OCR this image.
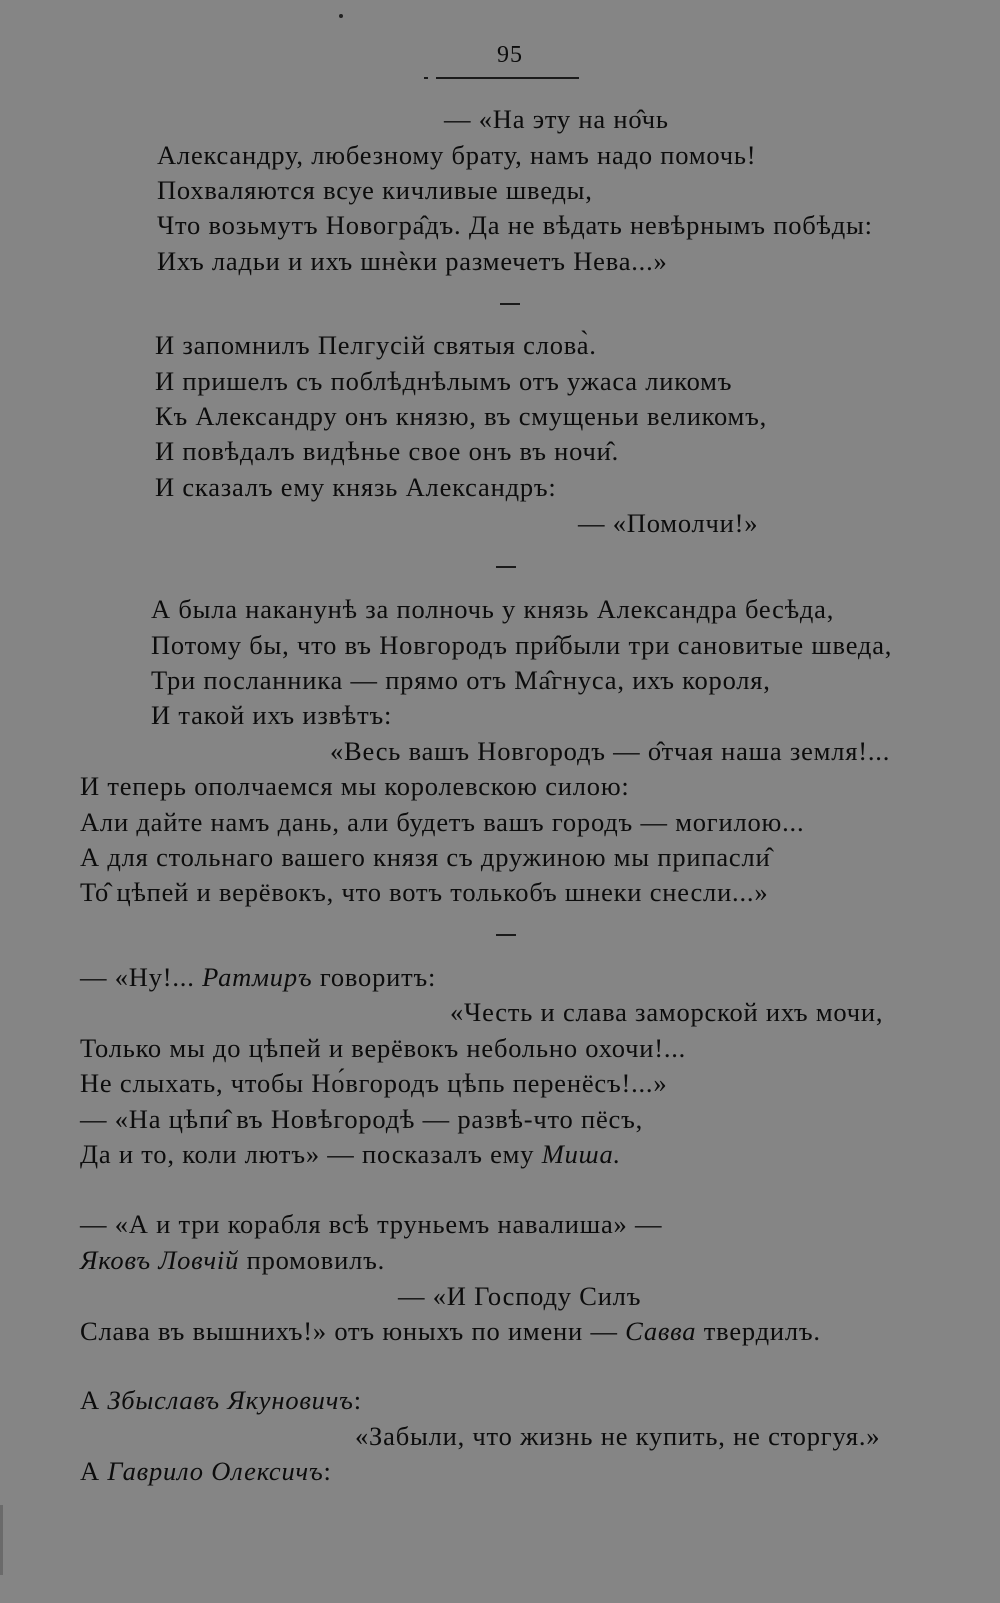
95
— «На эту на но̂чь
Александру, любезному брату, намъ надо помочь!
Похваляются всуе кичливые шведы,
Что возьмутъ Новогра̂дъ. Да не вѣдать невѣрнымъ побѣды:
Ихъ ладьи и ихъ шнѐки размечетъ Нева...»
И запомнилъ Пелгусій святыя слова̀.
И пришелъ съ поблѣднѣлымъ отъ ужаса ликомъ
Къ Александру онъ князю, въ смущеньи великомъ,
И повѣдалъ видѣнье свое онъ въ ночи̂.
И сказалъ ему князь Александръ:
— «Помолчи!»
А была наканунѣ за полночь у князь Александра бесѣда,
Потому бы, что въ Новгородъ при̂были три сановитые шведа,
Три посланника — прямо отъ Ма̂гнуса, ихъ короля,
И такой ихъ извѣтъ:
«Весь вашъ Новгородъ — о̂тчая наша земля!...
И теперь ополчаемся мы королевскою силою:
Али дайте намъ дань, али будетъ вашъ городъ — могилою...
А для стольнаго вашего князя съ дружиною мы припасли̂
То̂ цѣпей и верёвокъ, что вотъ толькобъ шнеки снесли...»
— «Ну!... Ратмиръ говоритъ:
«Честь и слава заморской ихъ мочи,
Только мы до цѣпей и верёвокъ небольно охочи!...
Не слыхать, чтобы Но́вгородъ цѣпь перенёсъ!...»
— «На цѣпи̂ въ Новѣгородѣ — развѣ-что пёсъ,
Да и то, коли лютъ» — посказалъ ему Миша.
— «А и три корабля всѣ труньемъ навалиша» —
Яковъ Ловчій промовилъ.
— «И Господу Силъ
Слава въ вышнихъ!» отъ юныхъ по имени — Савва твердилъ.
А Збыславъ Якуновичъ:
«Забыли, что жизнь не купить, не сторгуя.»
А Гаврило Олексичъ:
